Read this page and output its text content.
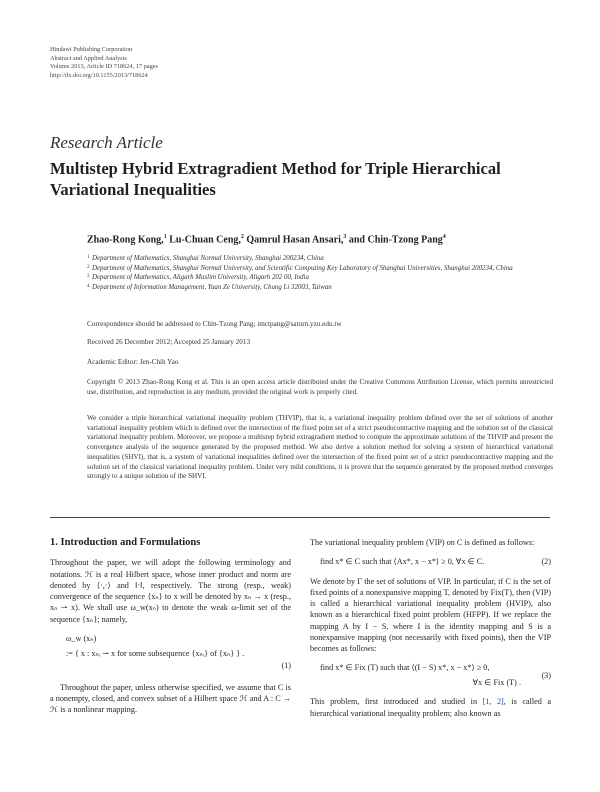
Hindawi Publishing Corporation
Abstract and Applied Analysis
Volume 2013, Article ID 718624, 17 pages
http://dx.doi.org/10.1155/2013/718624
Research Article
Multistep Hybrid Extragradient Method for Triple Hierarchical Variational Inequalities
Zhao-Rong Kong,$^1$ Lu-Chuan Ceng,$^2$ Qamrul Hasan Ansari,$^3$ and Chin-Tzong Pang$^4$
1 Department of Mathematics, Shanghai Normal University, Shanghai 200234, China
2 Department of Mathematics, Shanghai Normal University, and Scientific Computing Key Laboratory of Shanghai Universities, Shanghai 200234, China
3 Department of Mathematics, Aligarh Muslim University, Aligarh 202 00, India
4 Department of Information Management, Yuan Ze University, Chung Li 32003, Taiwan
Correspondence should be addressed to Chin-Tzong Pang; imctpang@saturn.yzu.edu.tw
Received 26 December 2012; Accepted 25 January 2013
Academic Editor: Jen-Chih Yao
Copyright © 2013 Zhao-Rong Kong et al. This is an open access article distributed under the Creative Commons Attribution License, which permits unrestricted use, distribution, and reproduction in any medium, provided the original work is properly cited.
We consider a triple hierarchical variational inequality problem (THVIP), that is, a variational inequality problem defined over the set of solutions of another variational inequality problem which is defined over the intersection of the fixed point set of a strict pseudocontractive mapping and the solution set of the classical variational inequality problem. Moreover, we propose a multistep hybrid extragradient method to compute the approximate solutions of the THVIP and present the convergence analysis of the sequence generated by the proposed method. We also derive a solution method for solving a system of hierarchical variational inequalities (SHVI), that is, a system of variational inequalities defined over the intersection of the fixed point set of a strict pseudocontractive mapping and the solution set of the classical variational inequality problem. Under very mild conditions, it is proven that the sequence generated by the proposed method converges strongly to a unique solution of the SHVI.
1. Introduction and Formulations
Throughout the paper, we will adopt the following terminology and notations. ℋ is a real Hilbert space, whose inner product and norm are denoted by ⟨·,·⟩ and ‖·‖, respectively. The strong (resp., weak) convergence of the sequence {xₙ} to x will be denoted by xₙ → x (resp., xₙ ⇀ x). We shall use ω_w(xₙ) to denote the weak ω-limit set of the sequence {xₙ}; namely,
ω_w (xₙ)
:= { x : xₙᵢ ⇀ x for some subsequence {xₙᵢ} of {xₙ} } .
(1)
Throughout the paper, unless otherwise specified, we assume that C is a nonempty, closed, and convex subset of a Hilbert space ℋ and A : C → ℋ is a nonlinear mapping.
The variational inequality problem (VIP) on C is defined as follows:
find x* ∈ C such that ⟨Ax*, x − x*⟩ ≥ 0, ∀x ∈ C.	(2)
We denote by Γ the set of solutions of VIP. In particular, if C is the set of fixed points of a nonexpansive mapping T, denoted by Fix(T), then (VIP) is called a hierarchical variational inequality problem (HVIP), also known as a hierarchical fixed point problem (HFPP). If we replace the mapping A by I − S, where I is the identity mapping and S is a nonexpansive mapping (not necessarily with fixed points), then the VIP becomes as follows:
find x* ∈ Fix (T) such that ⟨(I − S) x*, x − x*⟩ ≥ 0,
(3)
∀x ∈ Fix (T) .
This problem, first introduced and studied in [1, 2], is called a hierarchical variational inequality problem; also known as
